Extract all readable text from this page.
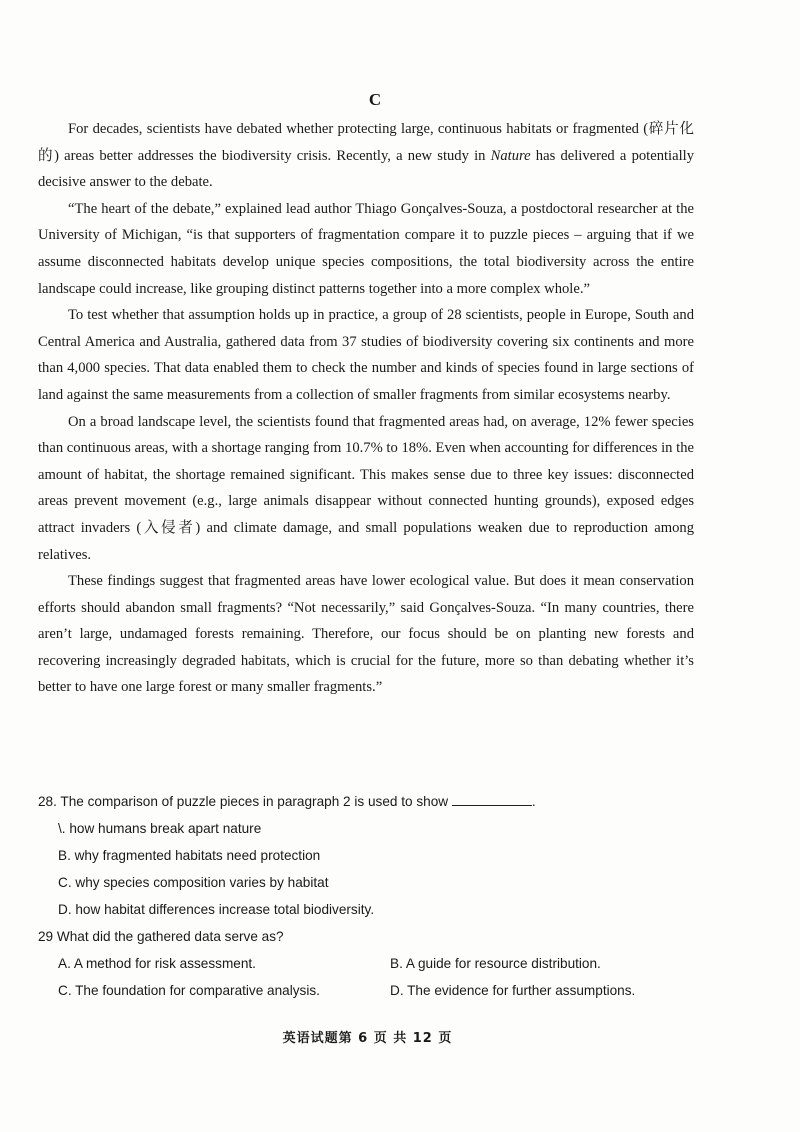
C

For decades, scientists have debated whether protecting large, continuous habitats or fragmented (碎片化的) areas better addresses the biodiversity crisis. Recently, a new study in Nature has delivered a potentially decisive answer to the debate.

“The heart of the debate,” explained lead author Thiago Gonçalves-Souza, a postdoctoral researcher at the University of Michigan, “is that supporters of fragmentation compare it to puzzle pieces – arguing that if we assume disconnected habitats develop unique species compositions, the total biodiversity across the entire landscape could increase, like grouping distinct patterns together into a more complex whole.”

To test whether that assumption holds up in practice, a group of 28 scientists, people in Europe, South and Central America and Australia, gathered data from 37 studies of biodiversity covering six continents and more than 4,000 species. That data enabled them to check the number and kinds of species found in large sections of land against the same measurements from a collection of smaller fragments from similar ecosystems nearby.

On a broad landscape level, the scientists found that fragmented areas had, on average, 12% fewer species than continuous areas, with a shortage ranging from 10.7% to 18%. Even when accounting for differences in the amount of habitat, the shortage remained significant. This makes sense due to three key issues: disconnected areas prevent movement (e.g., large animals disappear without connected hunting grounds), exposed edges attract invaders (入侵者) and climate damage, and small populations weaken due to reproduction among relatives.

These findings suggest that fragmented areas have lower ecological value. But does it mean conservation efforts should abandon small fragments? “Not necessarily,” said Gonçalves-Souza. “In many countries, there aren’t large, undamaged forests remaining. Therefore, our focus should be on planting new forests and recovering increasingly degraded habitats, which is crucial for the future, more so than debating whether it’s better to have one large forest or many smaller fragments.”

28. The comparison of puzzle pieces in paragraph 2 is used to show	.
\. how humans break apart nature
B. why fragmented habitats need protection
C. why species composition varies by habitat
D. how habitat differences increase total biodiversity.
29 What did the gathered data serve as?
A. A method for risk assessment.	B. A guide for resource distribution.
C. The foundation for comparative analysis.	D. The evidence for further assumptions.
英语试题第 6 页 共 12 页
